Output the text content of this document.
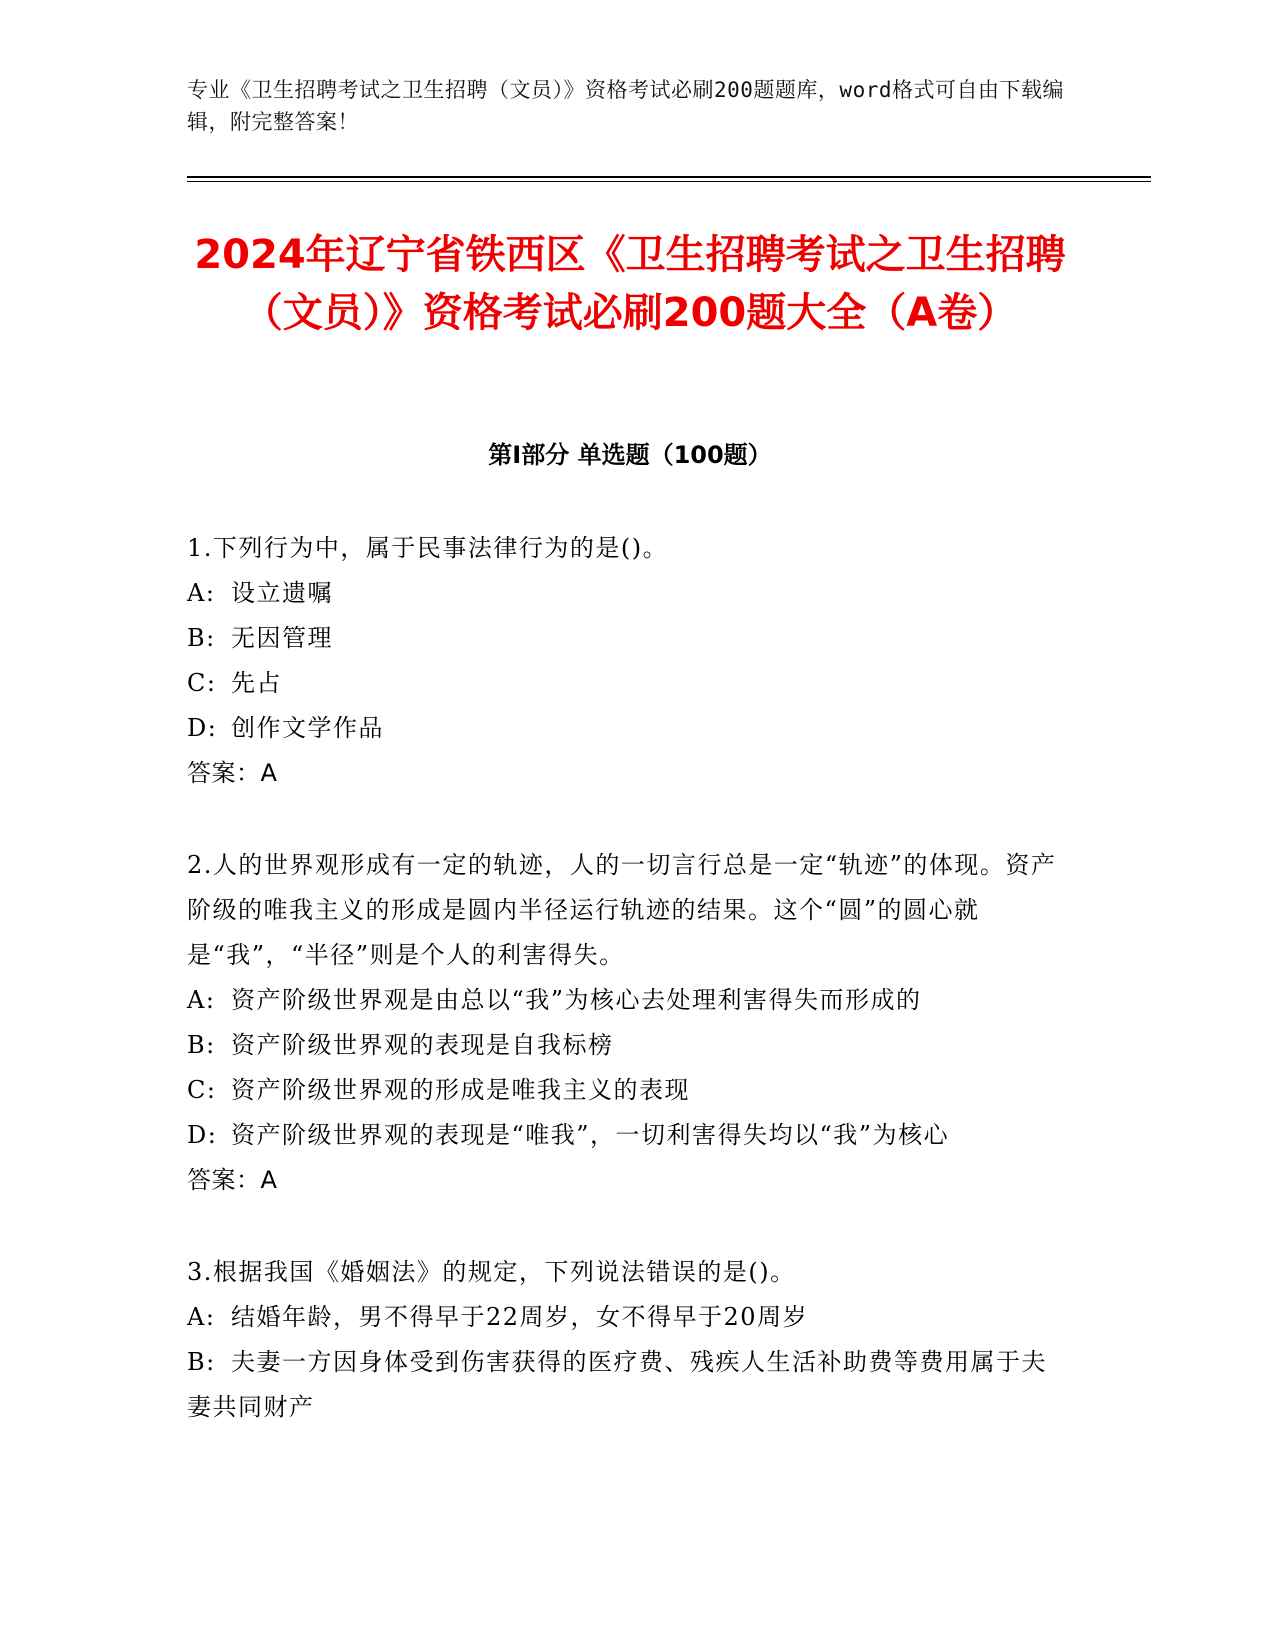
专业《卫生招聘考试之卫生招聘（文员）》资格考试必刷200题题库，word格式可自由下载编辑，附完整答案！
2024年辽宁省铁西区《卫生招聘考试之卫生招聘（文员）》资格考试必刷200题大全（A卷）
第I部分 单选题（100题）
1.下列行为中，属于民事法律行为的是()。
A: 设立遗嘱
B: 无因管理
C: 先占
D: 创作文学作品
答案：A
2.人的世界观形成有一定的轨迹，人的一切言行总是一定“轨迹”的体现。资产阶级的唯我主义的形成是圆内半径运行轨迹的结果。这个“圆”的圆心就是“我”，“半径”则是个人的利害得失。
A: 资产阶级世界观是由总以“我”为核心去处理利害得失而形成的
B: 资产阶级世界观的表现是自我标榜
C: 资产阶级世界观的形成是唯我主义的表现
D: 资产阶级世界观的表现是“唯我”，一切利害得失均以“我”为核心
答案：A
3.根据我国《婚姻法》的规定，下列说法错误的是()。
A: 结婚年龄，男不得早于22周岁，女不得早于20周岁
B: 夫妻一方因身体受到伤害获得的医疗费、残疾人生活补助费等费用属于夫妻共同财产
